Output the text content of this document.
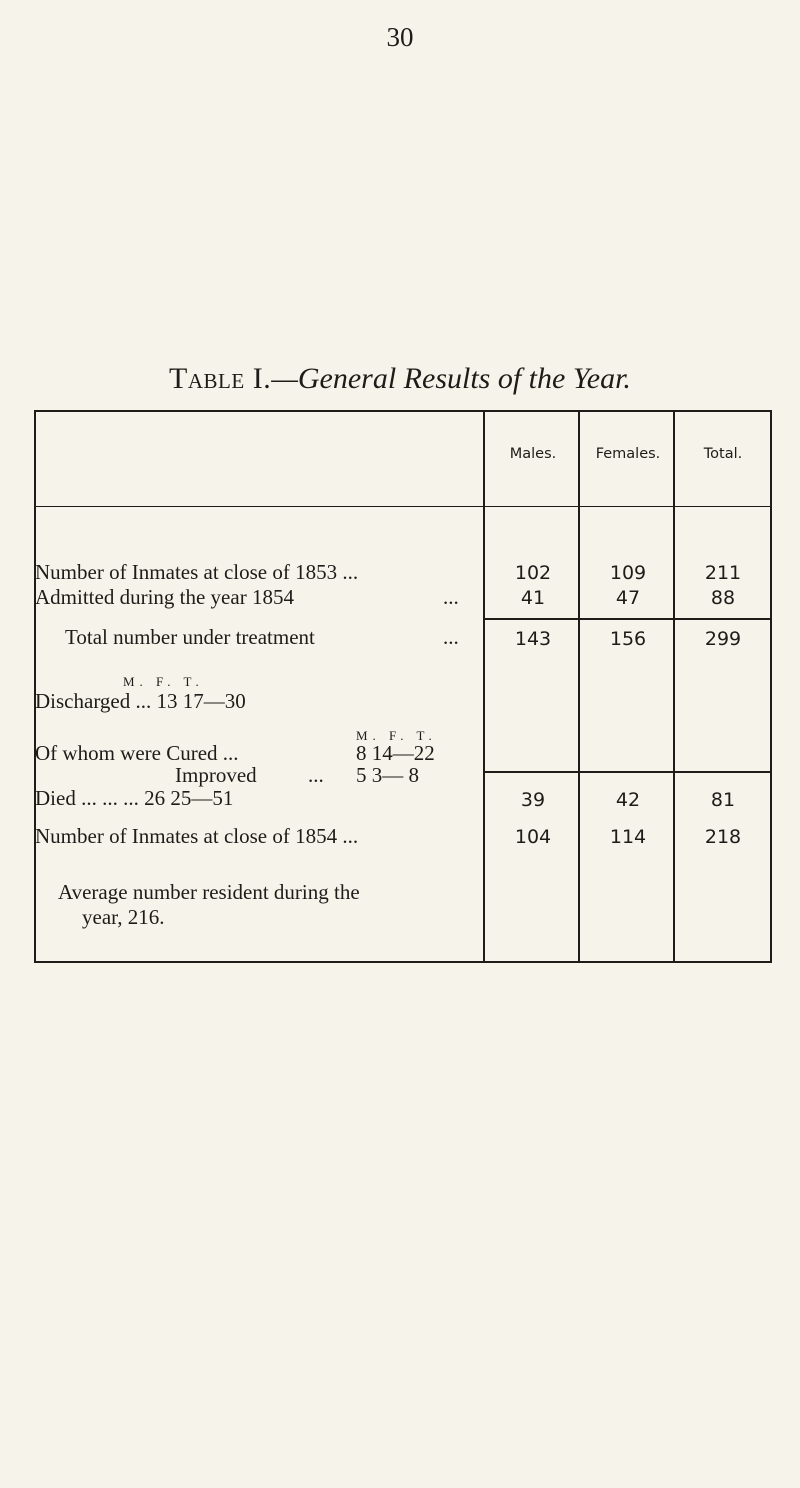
30
Table I.—General Results of the Year.
Males.	Females.	Total.
Number of Inmates at close of 1853 ...	102	109	211
Admitted during the year 1854	...	41	47	88
Total number under treatment	...	143	156	299
M. F. T.
Discharged ... 13 17—30
M. F. T.
Of whom were Cured ...	8 14—22
Improved ... 5 3— 8
Died ... ... ... 26 25—51	39	42	81
Number of Inmates at close of 1854 ...	104	114	218
Average number resident during the
year, 216.
